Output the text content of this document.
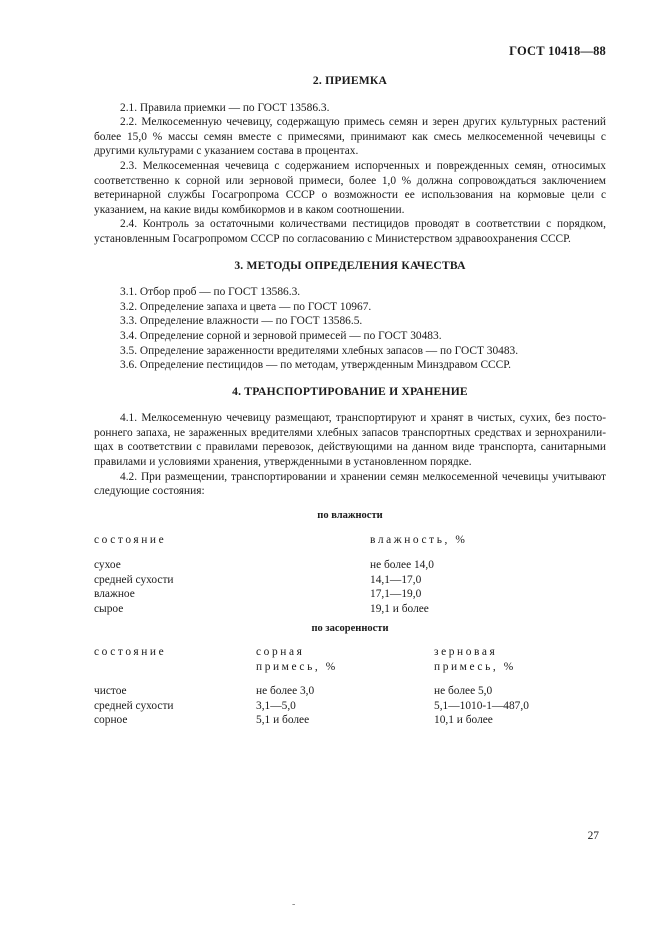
ГОСТ 10418—88
2. ПРИЕМКА

2.1. Правила приемки — по ГОСТ 13586.3.

2.2. Мелкосеменную чечевицу, содержащую примесь семян и зерен других культурных растений более 15,0 % массы семян вместе с примесями, принимают как смесь мелкосеменной чечевицы с другими культурами с указанием состава в процентах.

2.3. Мелкосеменная чечевица с содержанием испорченных и поврежденных семян, относимых соответственно к сорной или зерновой примеси, более 1,0 % должна сопровождаться заключением ветеринарной службы Госагропрома СССР о возможности ее использования на кормовые цели с указанием, на какие виды комбикормов и в каком соотношении.

2.4. Контроль за остаточными количествами пестицидов проводят в соответствии с порядком, установленным Госагропромом СССР по согласованию с Министерством здравоохранения СССР.

3. МЕТОДЫ ОПРЕДЕЛЕНИЯ КАЧЕСТВА

3.1. Отбор проб — по ГОСТ 13586.3.

3.2. Определение запаха и цвета — по ГОСТ 10967.

3.3. Определение влажности — по ГОСТ 13586.5.

3.4. Определение сорной и зерновой примесей — по ГОСТ 30483.

3.5. Определение зараженности вредителями хлебных запасов — по ГОСТ 30483.

3.6. Определение пестицидов — по методам, утвержденным Минздравом СССР.

4. ТРАНСПОРТИРОВАНИЕ И ХРАНЕНИЕ

4.1. Мелкосеменную чечевицу размещают, транспортируют и хранят в чистых, сухих, без постороннего запаха, не зараженных вредителями хлебных запасов транспортных средствах и зернохранилищах в соответствии с правилами перевозок, действующими на данном виде транспорта, санитарными правилами и условиями хранения, утвержденными в установленном порядке.

4.2. При размещении, транспортировании и хранении семян мелкосеменной чечевицы учитывают следующие состояния:

по влажности
состояние	влажность, %

сухое	не более 14,0
средней сухости	14,1—17,0
влажное	17,1—19,0
сырое	19,1 и более
по засоренности
состояние	сорная	зерновая
	примесь, %	примесь, %

чистое	не более 3,0	не более 5,0
средней сухости	3,1—5,0	5,1—1010-1—487,0
сорное	5,1 и более	10,1 и более
27
-
